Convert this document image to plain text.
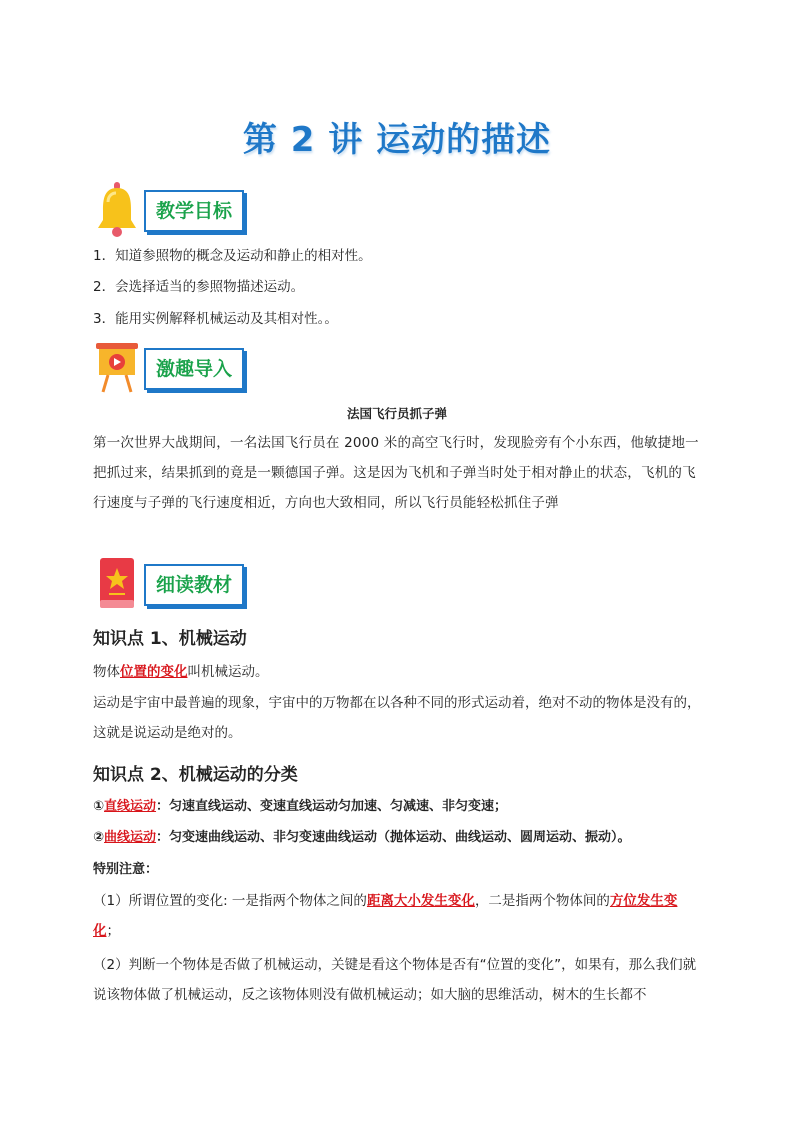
第 2 讲 运动的描述
教学目标
1．知道参照物的概念及运动和静止的相对性。
2．会选择适当的参照物描述运动。
3．能用实例解释机械运动及其相对性。。
激趣导入
法国飞行员抓子弹
第一次世界大战期间，一名法国飞行员在 2000 米的高空飞行时，发现脸旁有个小东西，他敏捷地一把抓过来，结果抓到的竟是一颗德国子弹。这是因为飞机和子弹当时处于相对静止的状态，飞机的飞行速度与子弹的飞行速度相近，方向也大致相同，所以飞行员能轻松抓住子弹
细读教材
知识点 1、机械运动
物体位置的变化叫机械运动。
运动是宇宙中最普遍的现象，宇宙中的万物都在以各种不同的形式运动着，绝对不动的物体是没有的，这就是说运动是绝对的。
知识点 2、机械运动的分类
①直线运动：匀速直线运动、变速直线运动匀加速、匀减速、非匀变速；
②曲线运动：匀变速曲线运动、非匀变速曲线运动（抛体运动、曲线运动、圆周运动、振动）。
特别注意：
（1）所谓位置的变化: 一是指两个物体之间的距离大小发生变化，二是指两个物体间的方位发生变化；
（2）判断一个物体是否做了机械运动，关键是看这个物体是否有“位置的变化”，如果有，那么我们就说该物体做了机械运动，反之该物体则没有做机械运动；如大脑的思维活动，树木的生长都不
